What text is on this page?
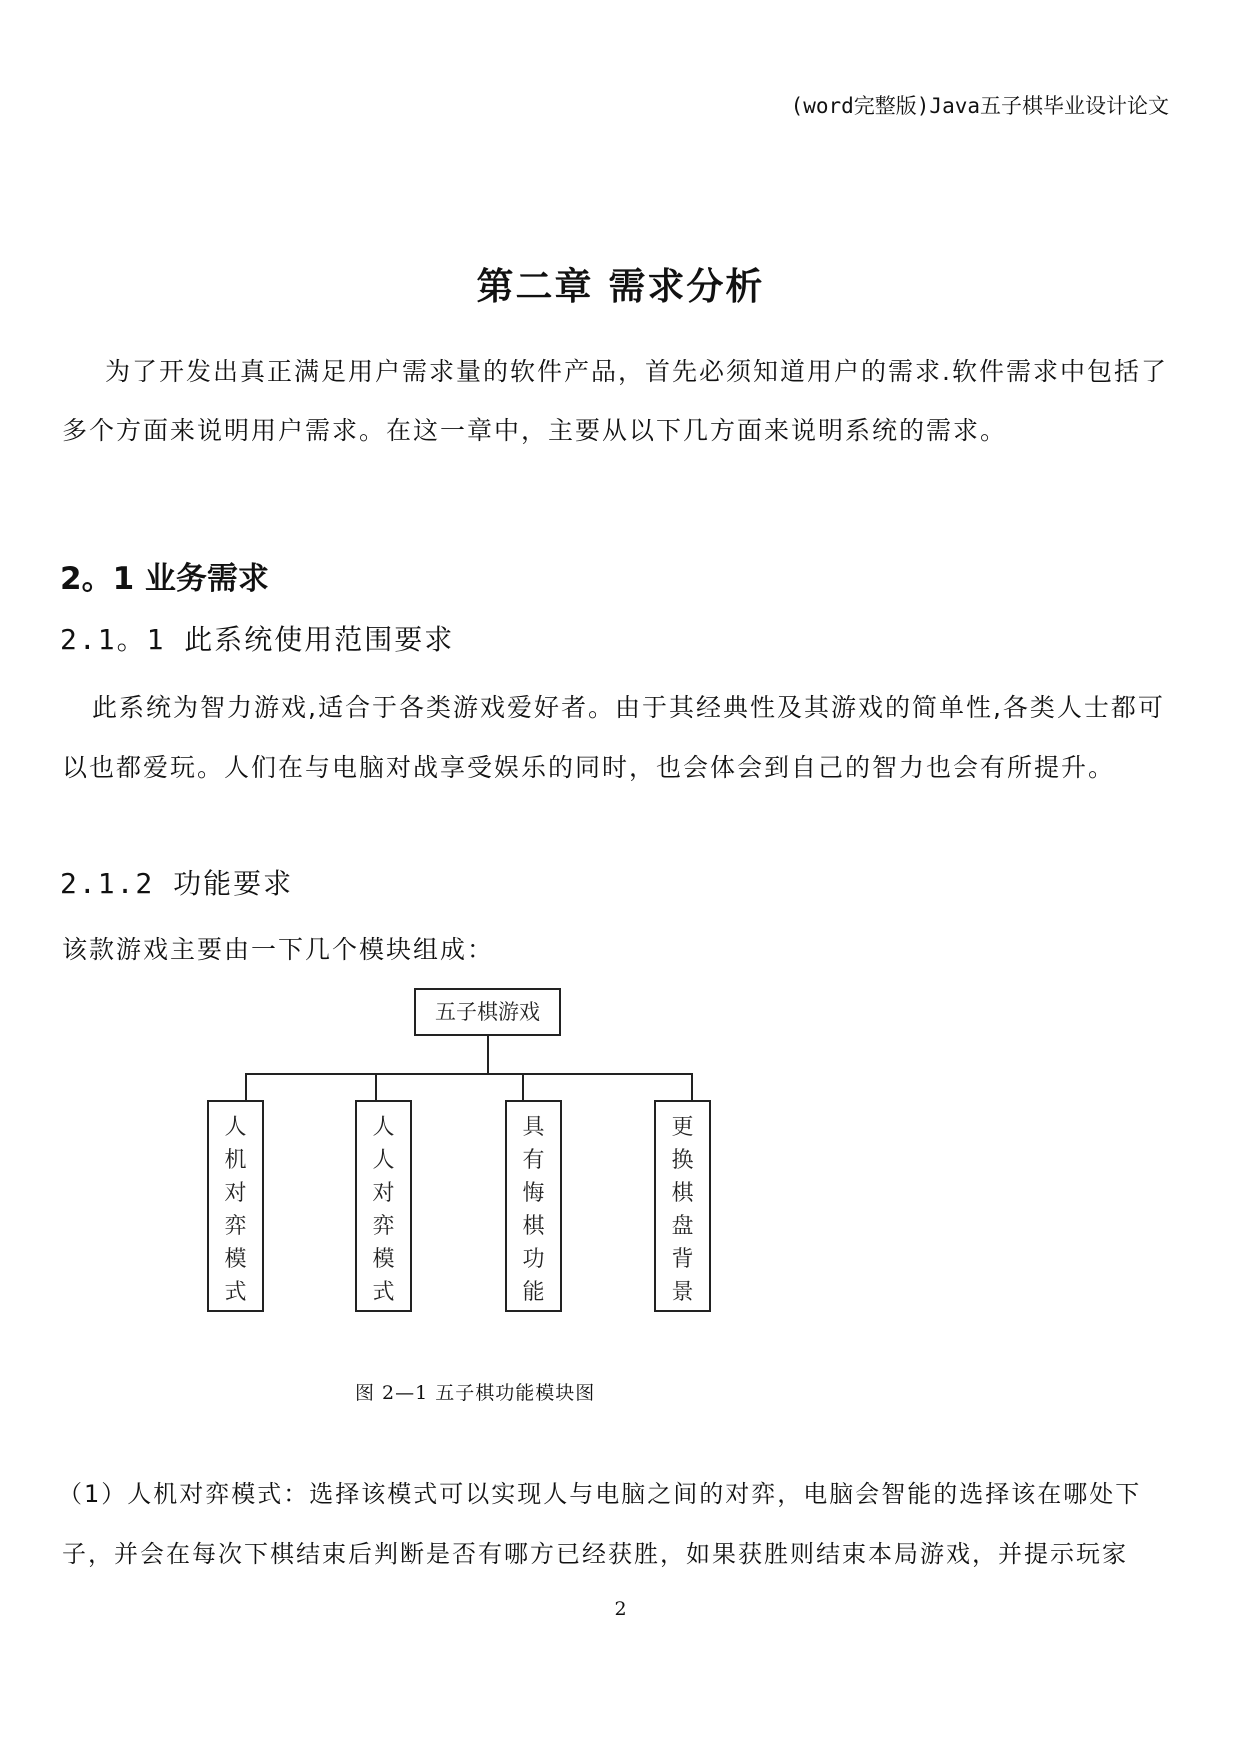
(word完整版)Java五子棋毕业设计论文
第二章 需求分析
为了开发出真正满足用户需求量的软件产品，首先必须知道用户的需求.软件需求中包括了
多个方面来说明用户需求。在这一章中，主要从以下几方面来说明系统的需求。
2。1 业务需求
2.1。1 此系统使用范围要求
此系统为智力游戏,适合于各类游戏爱好者。由于其经典性及其游戏的简单性,各类人士都可
以也都爱玩。人们在与电脑对战享受娱乐的同时，也会体会到自己的智力也会有所提升。
2.1.2 功能要求
该款游戏主要由一下几个模块组成：
五子棋游戏
人
机
对
弈
模
式
人
人
对
弈
模
式
具
有
悔
棋
功
能
更
换
棋
盘
背
景
图 2—1 五子棋功能模块图
（1）人机对弈模式：选择该模式可以实现人与电脑之间的对弈，电脑会智能的选择该在哪处下
子，并会在每次下棋结束后判断是否有哪方已经获胜，如果获胜则结束本局游戏，并提示玩家
2
